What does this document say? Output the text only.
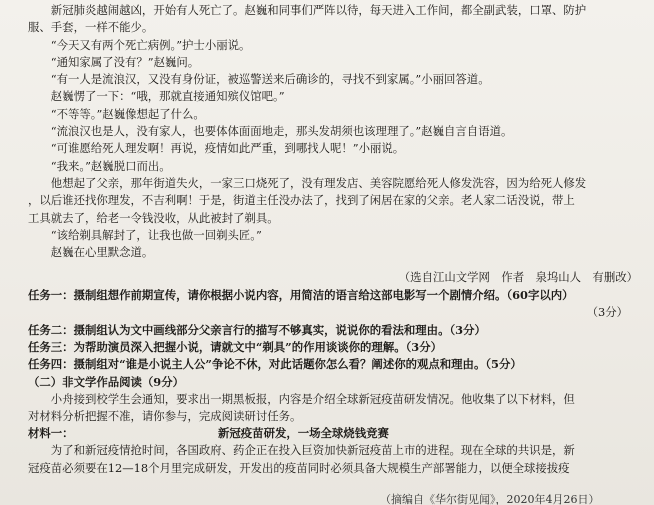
新冠肺炎越闹越凶，开始有人死亡了。赵巍和同事们严阵以待，每天进入工作间，都全副武装，口罩、防护

服、手套，一样不能少。

“今天又有两个死亡病例。”护士小丽说。

“通知家属了没有？”赵巍问。

“有一人是流浪汉，又没有身份证，被巡警送来后确诊的，寻找不到家属。”小丽回答道。

赵巍愣了一下：“哦，那就直接通知殡仪馆吧。”

“不等等。”赵巍像想起了什么。

“流浪汉也是人，没有家人，也要体体面面地走，那头发胡须也该理理了。”赵巍自言自语道。

“可谁愿给死人理发啊！再说，疫情如此严重，到哪找人呢！”小丽说。

“我来。”赵巍脱口而出。

他想起了父亲，那年街道失火，一家三口烧死了，没有理发店、美容院愿给死人修发洗容，因为给死人修发

，以后谁还找你理发，不吉利啊！于是，街道主任没办法了，找到了闲居在家的父亲。老人家二话没说，带上

工具就去了，给老一令钱没收，从此被封了剃具。

“该给剃具解封了，让我也做一回剃头匠。”

赵巍在心里默念道。

（选自江山文学网　作者　泉坞山人　有删改）

任务一：摄制组想作前期宣传，请你根据小说内容，用简洁的语言给这部电影写一个剧情介绍。（60字以内）
（3分）

任务二：摄制组认为文中画线部分父亲言行的描写不够真实，说说你的看法和理由。（3分）
任务三：为帮助演员深入把握小说，请就文中“剃具”的作用谈谈你的理解。（3分）
任务四：摄制组对“谁是小说主人公”争论不休，对此话题你怎么看？阐述你的观点和理由。（5分）

（二）非文学作品阅读（9分）

小舟接到校学生会通知，要求出一期黑板报，内容是介绍全球新冠疫苗研发情况。他收集了以下材料，但

对材料分析把握不准，请你参与，完成阅读研讨任务。

材料一：	新冠疫苗研发，一场全球烧钱竞赛

为了和新冠疫情抢时间，各国政府、药企正在投入巨资加快新冠疫苗上市的进程。现在全球的共识是，新

冠疫苗必须要在12—18个月里完成研发，开发出的疫苗同时必须具备大规模生产部署能力，以便全球接拔疫

（摘编自《华尔街见闻》，2020年4月26日）
